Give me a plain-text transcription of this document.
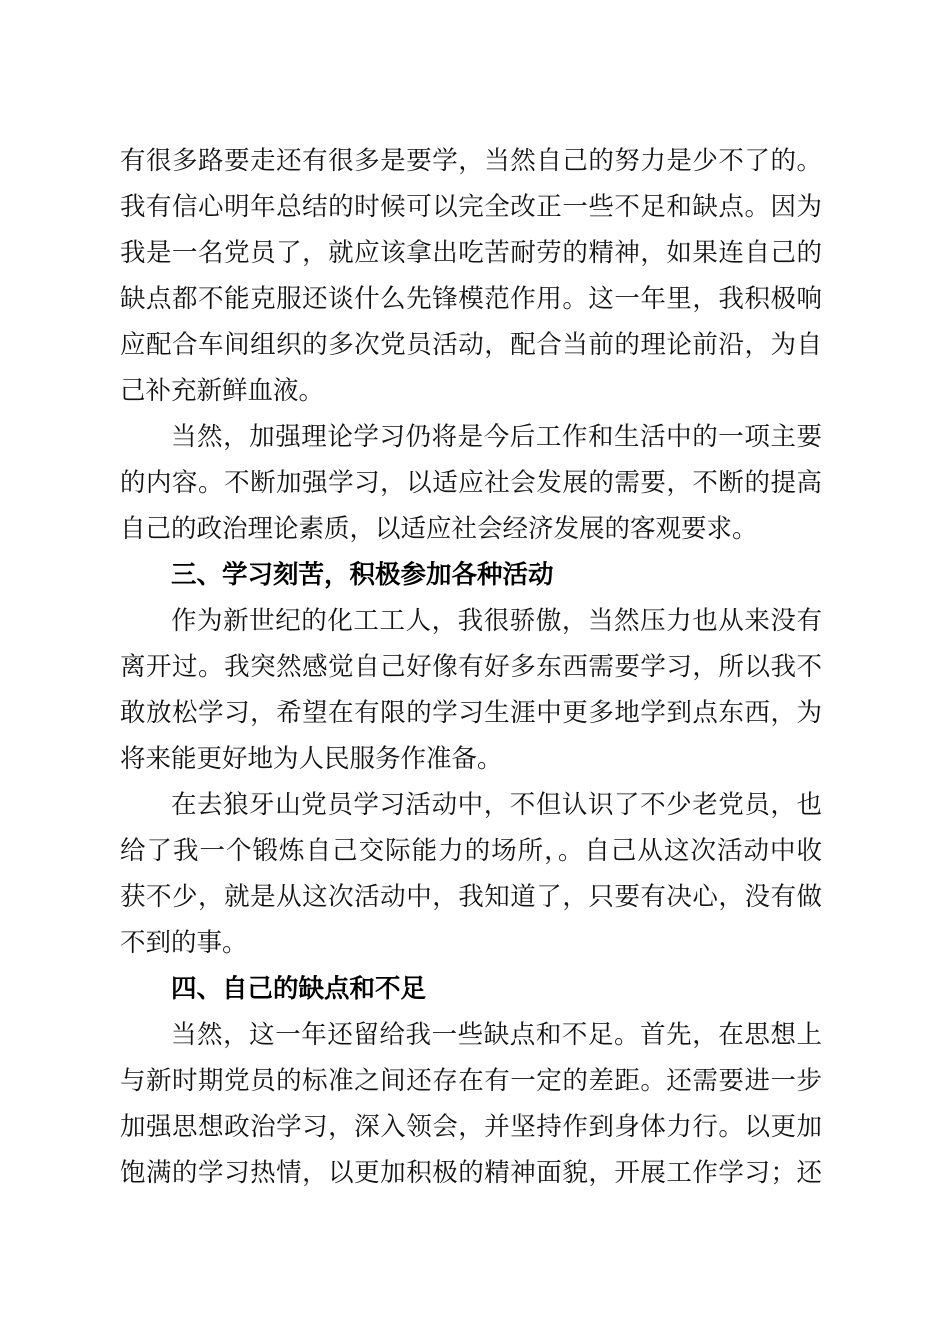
有很多路要走还有很多是要学，当然自己的努力是少不了的。
我有信心明年总结的时候可以完全改正一些不足和缺点。因为
我是一名党员了，就应该拿出吃苦耐劳的精神，如果连自己的
缺点都不能克服还谈什么先锋模范作用。这一年里，我积极响
应配合车间组织的多次党员活动，配合当前的理论前沿，为自
己补充新鲜血液。
当然，加强理论学习仍将是今后工作和生活中的一项主要
的内容。不断加强学习，以适应社会发展的需要，不断的提高
自己的政治理论素质，以适应社会经济发展的客观要求。
三、学习刻苦，积极参加各种活动
作为新世纪的化工工人，我很骄傲，当然压力也从来没有
离开过。我突然感觉自己好像有好多东西需要学习，所以我不
敢放松学习，希望在有限的学习生涯中更多地学到点东西，为
将来能更好地为人民服务作准备。
在去狼牙山党员学习活动中，不但认识了不少老党员，也
给了我一个锻炼自己交际能力的场所，。自己从这次活动中收
获不少，就是从这次活动中，我知道了，只要有决心，没有做
不到的事。
四、自己的缺点和不足
当然，这一年还留给我一些缺点和不足。首先，在思想上
与新时期党员的标准之间还存在有一定的差距。还需要进一步
加强思想政治学习，深入领会，并坚持作到身体力行。以更加
饱满的学习热情，以更加积极的精神面貌，开展工作学习；还
